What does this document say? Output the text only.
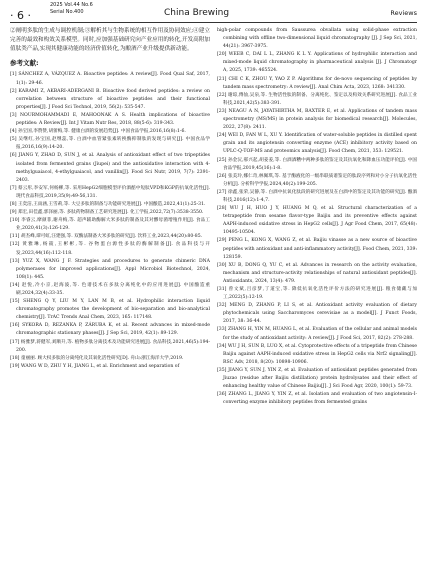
· 6 ·
2025 Vol.44 No.6
Serial No.400	China Brewing	Reviews

②阐明多肽的生成与调控机制;③解析其与生物系统的相互作用及协同效应;④建立完善的最效和构效关系模型。同时,应加强基础研究向产业应用的转化,开发高附加值肽类产品,实现其健康功能的经济价值转化,为酿酒产业升级提供新动能。

参考文献:

[1] SÁNCHEZ A, VÁZQUEZ A. Bioactive peptides: A review[J]. Food Qual Saf, 2017, 1(1): 29-46.

[2] KARAMI Z, AKBARI-ADERGANI B. Bioactive food derived peptides: a review on correlation between structure of bioactive peptides and their functional properties[J]. J Food Sci Technol, 2019, 56(2): 535-547.

[3] NOURMOHAMMADI E, MAHOONAK A S. Health implications of bioactive peptides: A Review[J]. Int J Vitam Nutr Res, 2018, 88(5-6): 319-343.

[4] 孙宝国,李赞赞,胡蕾梅,等. 健康白酒的发展趋势[J]. 中国食品学报,2016,16(8):1-6.

[5] 吴继红,孙宝国,赵继蕊,等. 白酒中血管紧张素转换酶抑制肽的发现与研究[J]. 中国食品学报,2016,16(9):14-20.

[6] JIANG Y, ZHAO D, SUN J, et al. Analysis of antioxidant effect of two tripeptides isolated from fermented grains (Jiupei) and the antioxidative interaction with 4-methylguaiacol, 4-ethylguaiacol, and vanillin[J]. Food Sci Nutr, 2019, 7(7): 2391-2403.

[7] 蔡云彤,李安军,何杨柳,等. 采用HepG2细胞模型评价酒醅中短肽VPD和KGP的抗氧化活性[J]. 现代食品科技,2019,35(9):49-56,131.

[8] 王奕洁,王雨涵,王雪莉,等. 大豆多肽的制备与功能研究进展[J]. 中国酿造,2022,41(1):25-31.

[9] 郑宏,田佳鑫,郭泽丽,等. 多肽药物制备工艺研究进展[J]. 化工学报,2022,72(7):3538-3550.

[10] 李睿云,摩颜菲,谢舟梅,等. 超声辅助酶解大米多肽的制备及其对醪母菌增殖作用[J]. 食品工业,2020,41(3):126-129.

[11] 胡杰峰,谭可虹,汪建强,等. 双酶法制备大米多肽的研究[J]. 饮料工业,2023,44(20):80-85.

[12] 黄雅琳,杨筱,王彬彬,等. 谷物蛋白源性多肽的酶解制备[J]. 食品科技与开发,2023,44(16):112-118.

[13] YUZ X, WANG J F. Strategies and procedures to generate chimeric DNA polymerases for improved applications[J]. Appl Microbiol Biotechnol, 2024, 108(1): 445.

[14] 赵悦,冷小京,赵海波,等. 色谱技术在多肽分离纯化中的应用进展[J]. 中国酿造重刷,2024,32(4):33-35.

[15] SHENG Q Y, LIU M Y, LAN M B, et al. Hydrophilic interaction liquid chromatography promotes the development of bio-separation and bio-analytical chemistry[J]. TrAC Trends Anal Chem, 2023, 165: 117148.

[16] SYKORA D, REZANKA P, ZÁRUBA K, et al. Recent advances in mixed-mode chromatographic stationary phases[J]. J Sep Sci, 2019, 42(1): 89-129.

[17] 杨雅梦,蒋健军,刘顺升,等. 植物多肽分离技术及功能研究进展[J]. 食品科技,2021,46(5):194-200.

[18] 童丽丽. 顾大权多肽的分离纯化及其氧化活性研究[D]. 舟山:浙江海洋大学,2019.

[19] WANG W D, ZHU Y H, JIANG L, et al. Enrichment and separation of

high-polar compounds from Saussurea obvallata using solid-phase extraction combining with offline two-dimensional liquid chromatography [J]. J Sep Sci, 2021, 44(21): 3967-3975.

[20] WEEB C, DAI L L, ZHANG K L Y. Applications of hydrophilic interaction and mixed-mode liquid chromatography in pharmaceutical analysis [J]. J Chromatogr A, 2025, 1739: 465524.

[21] CHI C K, ZHOU Y, YAO Z P. Algorithms for de-novo sequencing of peptides by tandem mass spectrometry: A review[J]. Anal Chim Acta, 2023, 1268: 341330.

[22] 谢琼,傅仙,吴泉,等. 生物活性肽的制备、分离纯化、鉴定以及构效关系研究进展[J]. 食品工业科技,2021,42(5):383-391.

[23] NEAGU A N, JAYATHIRTHA M, BAXTER E, et al. Applications of tandem mass spectrometry (MS/MS) in protein analysis for biomedical research[J]. Molecules, 2022, 27(8): 2411.

[24] WEI D, FAN W L, XU Y. Identification of water-soluble peptides in distilled spent grain and its angiotensin converting enzyme (ACE) inhibitory activity based on UPLC-Q-TOF-MS and proteomics analysis[J]. Food Chem, 2021, 353: 129521.

[25] 孙金沅,郝兴起,胡姜姜,等. 白酒酒糟中两种多肽的鉴定及其抗氧化和降血压功能评价[J]. 中国食品学报,2019,45(16):1-8.

[26] 张美玲,娜仁奇,林佩琪,等. 基于酶液化的一级串联质谱鉴定的肽段序列和对小分子抗氧化活性分析[J]. 分析科学学报,2024,40(2):199-205.

[27] 徐鑫,张荣,吴静,等. 白酒中抗氧化肽段的研究进展及在白酒中的鉴定及其功能的研究[J]. 酿酒科技,2016(12):1-4,7.

[28] WU J H, HUO J Y, HUANG M Q, et al. Structural characterization of a tetrapeptide from sesame flavor-type Baijiu and its preventive effects against AAPH-induced oxidative stress in HepG2 cells[J]. J Agr Food Chem, 2017, 65(48): 10495-10504.

[29] PENG L, KONG X, WANG Z, et al. Baijiu vinasse as a new source of bioactive peptides with antioxidant and anti-inflammatory activity[J]. Food Chem, 2021, 339: 128159.

[30] XU B, DONG Q, YU C, et al. Advances in research on the activity evaluation, mechanism and structure-activity relationships of natural antioxidant peptides[J]. Antioxidants, 2024, 13(4): 479.

[31] 曾文斌,吕彦梦,丁道宝,等. 降低抗氧化活性评价方法的研究进展[J]. 粮食储藏与加工,2022(5):12-19.

[32] MENG D, ZHANG P, LI S, et al. Antioxidant activity evaluation of dietary phytochemicals using Saccharomyces cerevisiae as a model[J]. J Funct Foods, 2017, 38: 36-44.

[33] ZHANG H, YIN M, HUANG L, et al. Evaluation of the cellular and animal models for the study of antioxidant activity: A review[J]. J Food Sci, 2017, 82(2): 278-288.

[34] WU J H, SUN B, LUO X, et al. Cytoprotective effects of a tripeptide from Chinese Baijiu against AAPH-induced oxidative stress in HepG2 cells via Nrf2 signaling[J]. RSC Adv, 2018, 8(20): 10898-10906.

[35] JIANG Y, SUN J, YIN Z, et al. Evaluation of antioxidant peptides generated from Jiuzao (residue after Baijiu distillation) protein hydrolysates and their effect of enhancing healthy value of Chinese Baijiu[J]. J Sci Food Agr, 2020, 100(1): 59-73.

[36] ZHANG L, JIANG Y, YIN Z, et al. Isolation and evaluation of two angiotensin-I-converting enzyme inhibitory peptides from fermented grains
